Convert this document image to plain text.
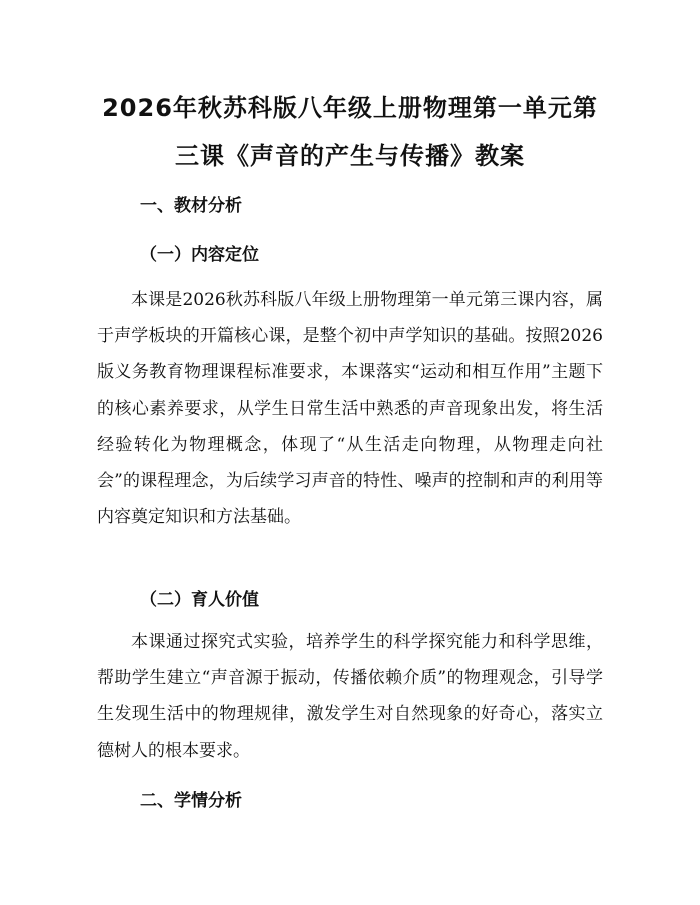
2026年秋苏科版八年级上册物理第一单元第
三课《声音的产生与传播》教案
一、教材分析
（一）内容定位

本课是2026秋苏科版八年级上册物理第一单元第三课内容，属于声学板块的开篇核心课，是整个初中声学知识的基础。按照2026版义务教育物理课程标准要求，本课落实“运动和相互作用”主题下的核心素养要求，从学生日常生活中熟悉的声音现象出发，将生活经验转化为物理概念，体现了“从生活走向物理，从物理走向社会”的课程理念，为后续学习声音的特性、噪声的控制和声的利用等内容奠定知识和方法基础。

（二）育人价值

本课通过探究式实验，培养学生的科学探究能力和科学思维，帮助学生建立“声音源于振动，传播依赖介质”的物理观念，引导学生发现生活中的物理规律，激发学生对自然现象的好奇心，落实立德树人的根本要求。

二、学情分析
